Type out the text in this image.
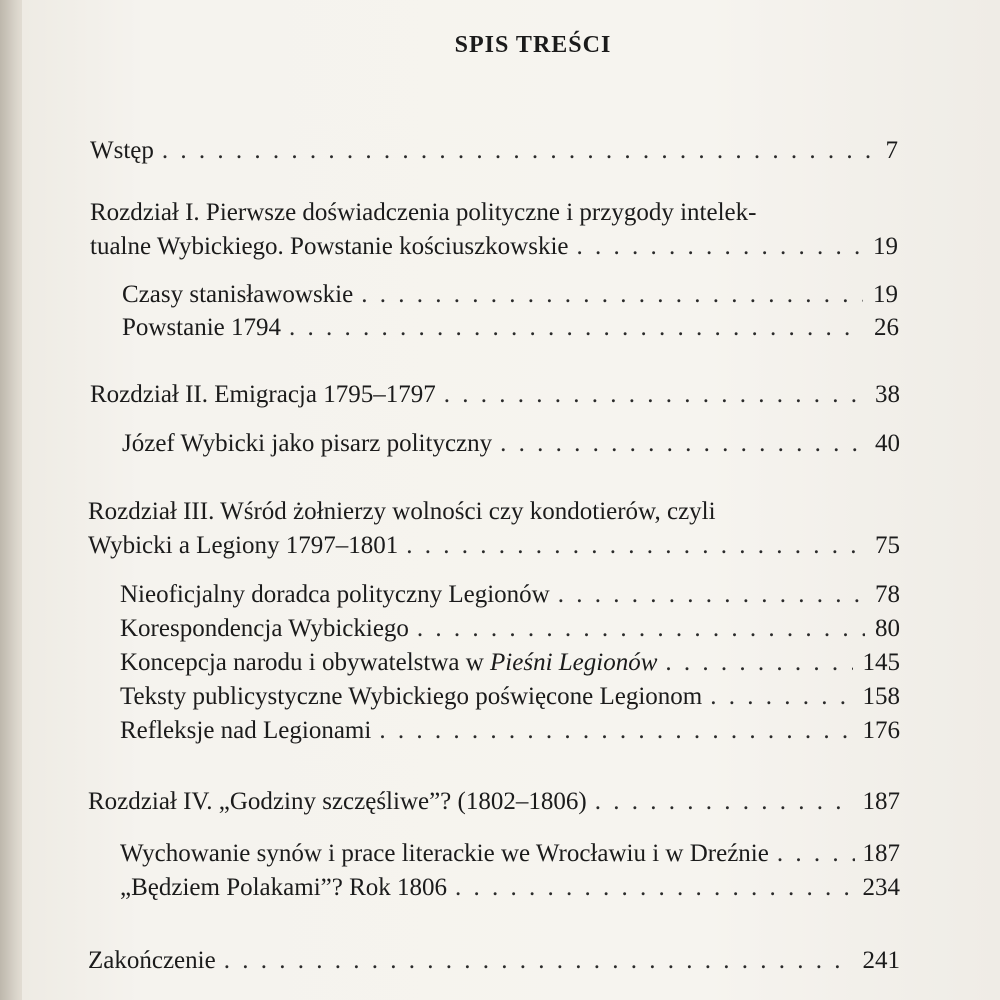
SPIS TREŚCI
Wstęp . . .	7
Rozdział I. Pierwsze doświadczenia polityczne i przygody intelek-
tualne Wybickiego. Powstanie kościuszkowskie . . .	19
Czasy stanisławowskie . . .	19
Powstanie 1794 . . .	26
Rozdział II. Emigracja 1795–1797 . . .	38
Józef Wybicki jako pisarz polityczny . . .	40
Rozdział III. Wśród żołnierzy wolności czy kondotierów, czyli
Wybicki a Legiony 1797–1801 . . .	75
Nieoficjalny doradca polityczny Legionów . . .	78
Korespondencja Wybickiego . . .	80
Koncepcja narodu i obywatelstwa w Pieśni Legionów . . .	145
Teksty publicystyczne Wybickiego poświęcone Legionom . . .	158
Refleksje nad Legionami . . .	176
Rozdział IV. „Godziny szczęśliwe”? (1802–1806) . . .	187
Wychowanie synów i prace literackie we Wrocławiu i w Dreźnie . . .	187
„Będziem Polakami”? Rok 1806 . . .	234
Zakończenie . . .	241
